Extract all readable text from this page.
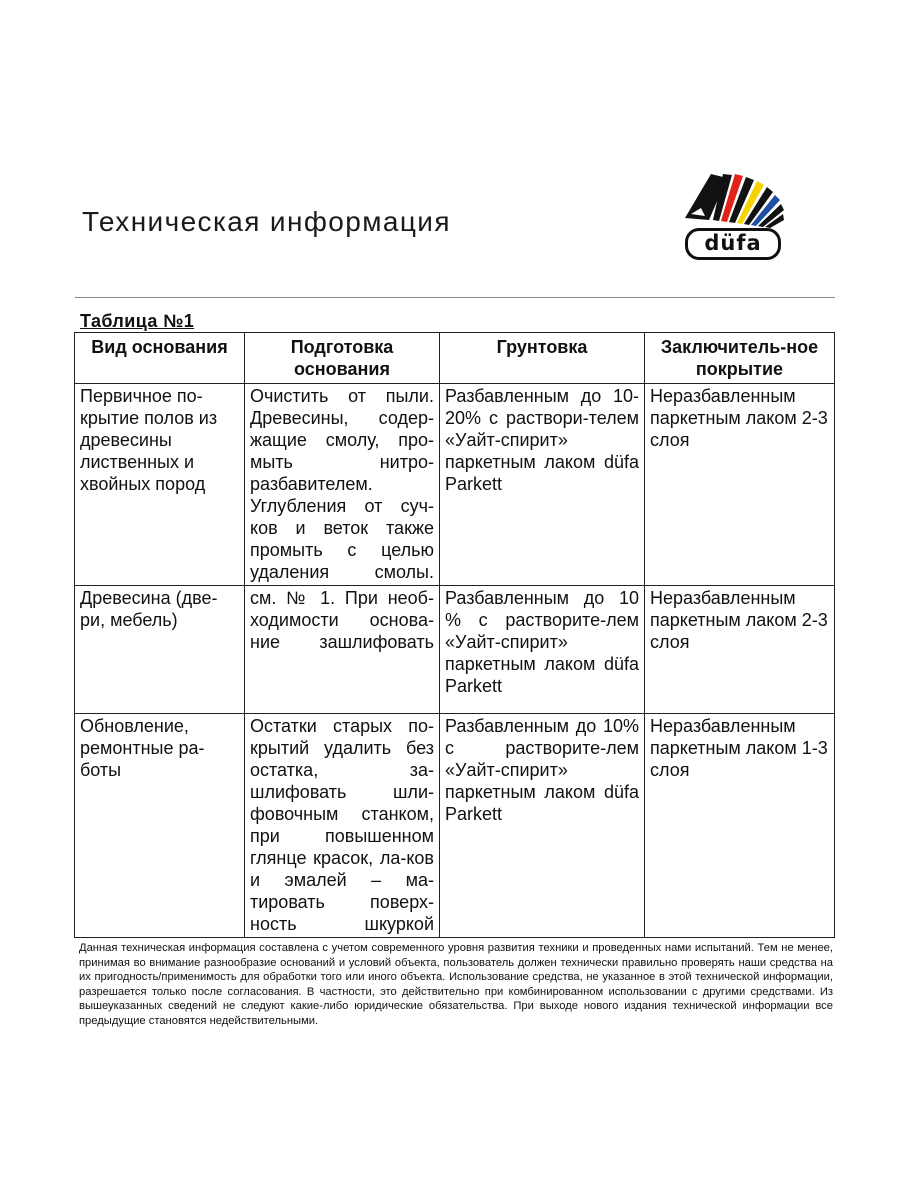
Техническая информация
düfa
Таблица №1
Вид основания	Подготовка основания	Грунтовка	Заключитель-ное покрытие
Первичное по-крытие полов из древесины лиственных и хвойных пород	Очистить от пыли. Древесины, содер-жащие смолу, про-мыть нитро-разбавителем. Углубления от суч-ков и веток также промыть с целью удаления смолы.	Разбавленным до 10-20% с раствори-телем «Уайт-спирит» паркетным лаком düfa Parkett	Неразбавленным паркетным лаком 2-3 слоя
Древесина (две-ри, мебель)	см. № 1. При необ-ходимости основа-ние зашлифовать	Разбавленным до 10 % с растворите-лем «Уайт-спирит» паркетным лаком düfa Parkett	Неразбавленным паркетным лаком 2-3 слоя
Обновление, ремонтные ра-боты	Остатки старых по-крытий удалить без остатка, за-шлифовать шли-фовочным станком, при повышенном глянце красок, ла-ков и эмалей – ма-тировать поверх-ность шкуркой	Разбавленным до 10% с растворите-лем «Уайт-спирит» паркетным лаком düfa Parkett	Неразбавленным паркетным лаком 1-3 слоя

Данная техническая информация составлена с учетом современного уровня развития техники и проведенных нами испытаний. Тем не менее, принимая во внимание разнообразие оснований и условий объекта, пользователь должен технически правильно проверять наши средства на их пригодность/применимость для обработки того или иного объекта. Использование средства, не указанное в этой технической информации, разрешается только после согласования. В частности, это действительно при комбинированном использовании с другими средствами. Из вышеуказанных сведений не следуют какие-либо юридические обязательства. При выходе нового издания технической информации все предыдущие становятся недействительными.
